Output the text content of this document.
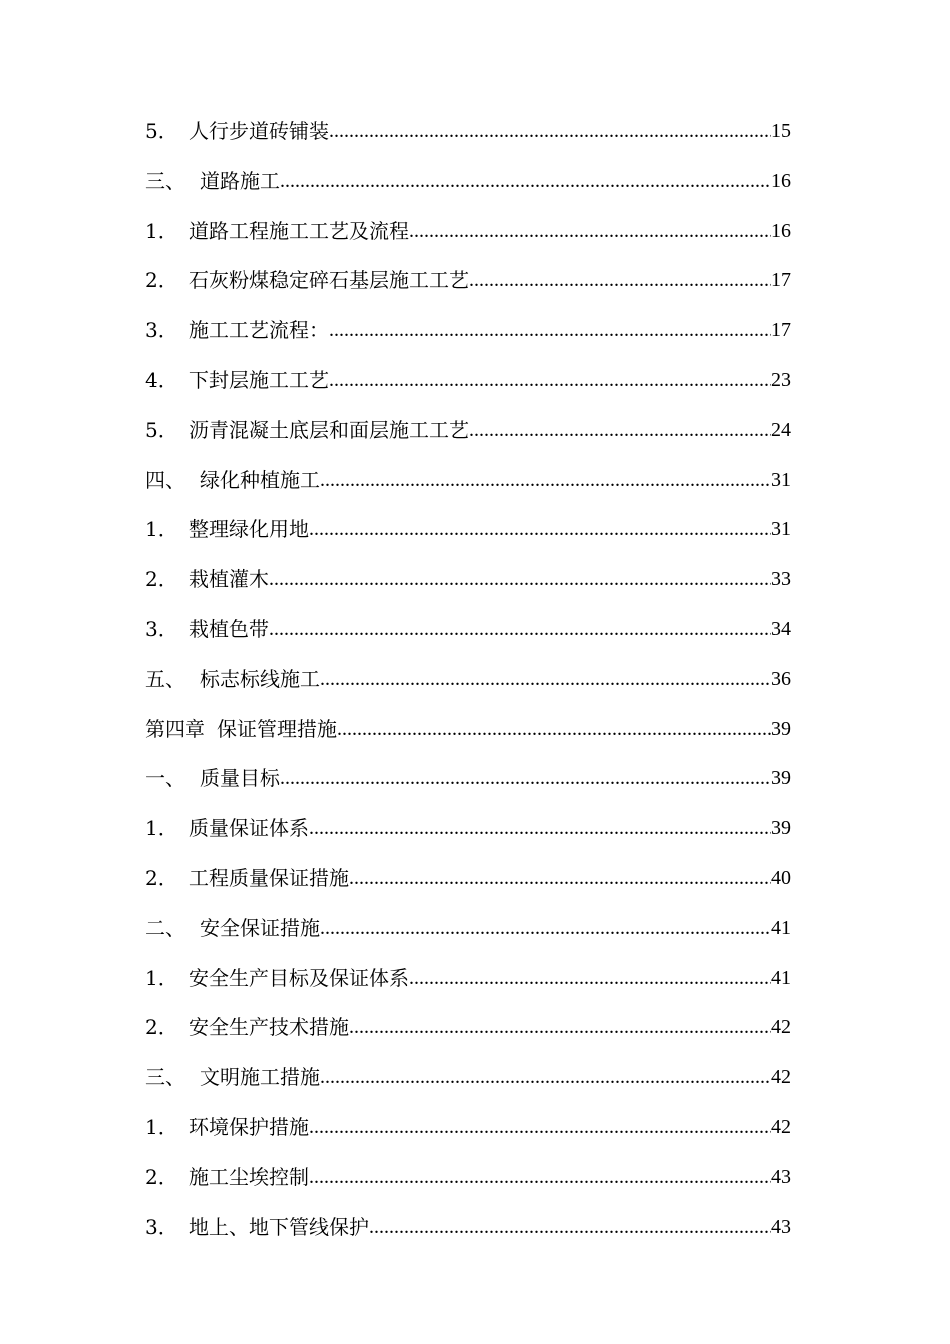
5． 人行步道砖铺装 .....	15
三、 道路施工 .....	16
1． 道路工程施工工艺及流程 .....	16
2． 石灰粉煤稳定碎石基层施工工艺 .....	17
3． 施工工艺流程： .....	17
4． 下封层施工工艺 .....	23
5． 沥青混凝土底层和面层施工工艺 .....	24
四、 绿化种植施工 .....	31
1． 整理绿化用地 .....	31
2． 栽植灌木 .....	33
3． 栽植色带 .....	34
五、 标志标线施工 .....	36
第四章 保证管理措施 .....	39
一、 质量目标 .....	39
1． 质量保证体系 .....	39
2． 工程质量保证措施 .....	40
二、 安全保证措施 .....	41
1． 安全生产目标及保证体系 .....	41
2． 安全生产技术措施 .....	42
三、 文明施工措施 .....	42
1． 环境保护措施 .....	42
2． 施工尘埃控制 .....	43
3． 地上、地下管线保护 .....	43
